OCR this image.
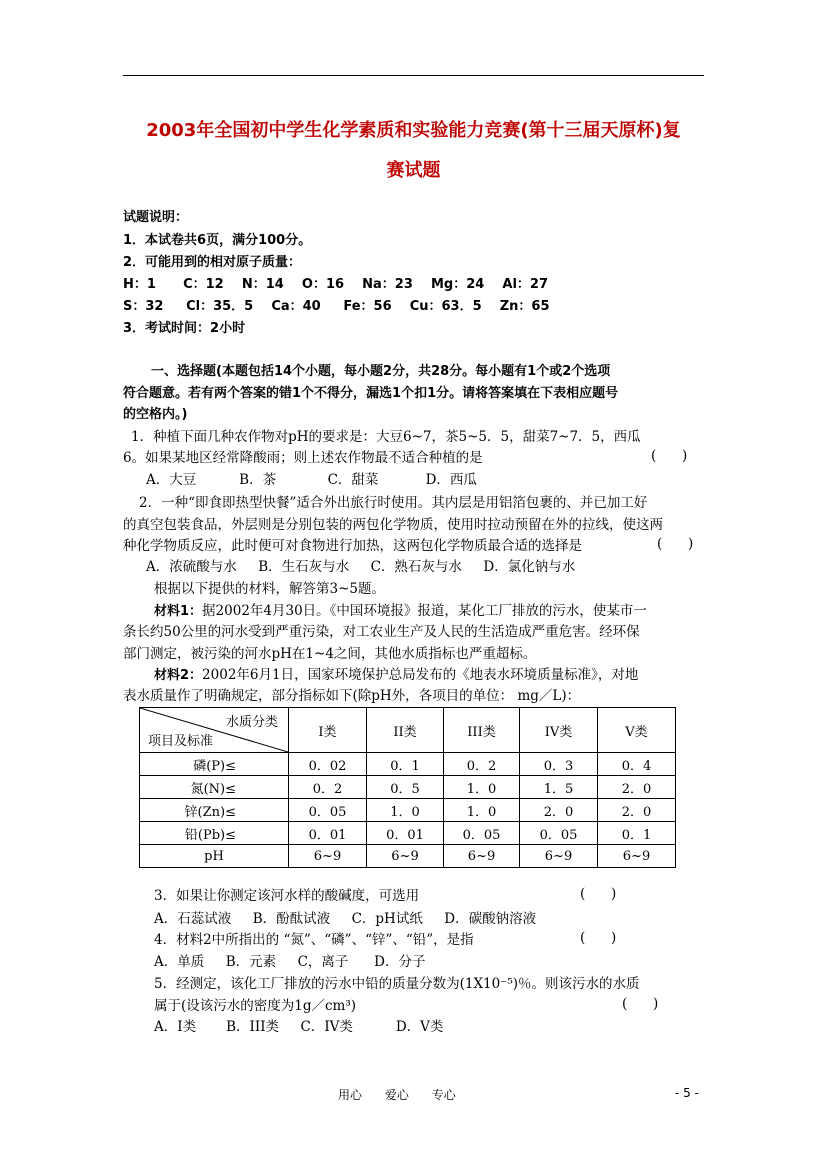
2003年全国初中学生化学素质和实验能力竞赛(第十三届天原杯)复
赛试题
试题说明：
1．本试卷共6页，满分100分。
2．可能用到的相对原子质量：
H：1      C：12    N：14    O：16    Na：23    Mg：24    Al：27
S：32     Cl：35．5    Ca：40     Fe：56    Cu：63．5    Zn：65
3．考试时间：2小时
一、选择题(本题包括14个小题，每小题2分，共28分。每小题有1个或2个选项
符合题意。若有两个答案的错1个不得分，漏选1个扣1分。请将答案填在下表相应题号
的空格内。)
1．种植下面几种农作物对pH的要求是：大豆6~7，茶5~5．5，甜菜7~7．5，西瓜
6。如果某地区经常降酸雨；则上述农作物最不适合种植的是	(      )
A．大豆          B．茶            C．甜菜           D．西瓜
2．一种“即食即热型快餐”适合外出旅行时使用。其内层是用铝箔包裹的、并已加工好
的真空包装食品，外层则是分别包装的两包化学物质，使用时拉动预留在外的拉线，使这两
种化学物质反应，此时便可对食物进行加热，这两包化学物质最合适的选择是	(      )
A．浓硫酸与水     B．生石灰与水     C．熟石灰与水     D．氯化钠与水
根据以下提供的材料，解答第3~5题。
材料1：据2002年4月30日。《中国环境报》报道，某化工厂排放的污水，使某市一
条长约50公里的河水受到严重污染，对工农业生产及人民的生活造成严重危害。经环保
部门测定，被污染的河水pH在1~4之间，其他水质指标也严重超标。
材料2：2002年6月1日，国家环境保护总局发布的《地表水环境质量标准》，对地
表水质量作了明确规定，部分指标如下(除pH外，各项目的单位： mg／L)：
水质分类
项目及标准	I类	II类	III类	IV类	V类
磷(P)≤	0．02	0．1	0．2	0．3	0．4
氮(N)≤	0．2	0．5	1．0	1．5	2．0
锌(Zn)≤	0．05	1．0	1．0	2．0	2．0
铅(Pb)≤	0．01	0．01	0．05	0．05	0．1
pH	6~9	6~9	6~9	6~9	6~9
3．如果让你测定该河水样的酸碱度，可选用	(      )
A．石蕊试液     B．酚酞试液     C．pH试纸     D．碳酸钠溶液
4．材料2中所指出的 “氮”、“磷”、“锌”、“铅”，是指	(      )
A．单质     B．元素     C，离子      D．分子
5．经测定，该化工厂排放的污水中铅的质量分数为(1X10⁻⁵)％。则该污水的水质
属于(设该污水的密度为1g／cm³)	(      )
A．I类       B．III类     C．IV类          D．V类
用心      爱心      专心	- 5 -
